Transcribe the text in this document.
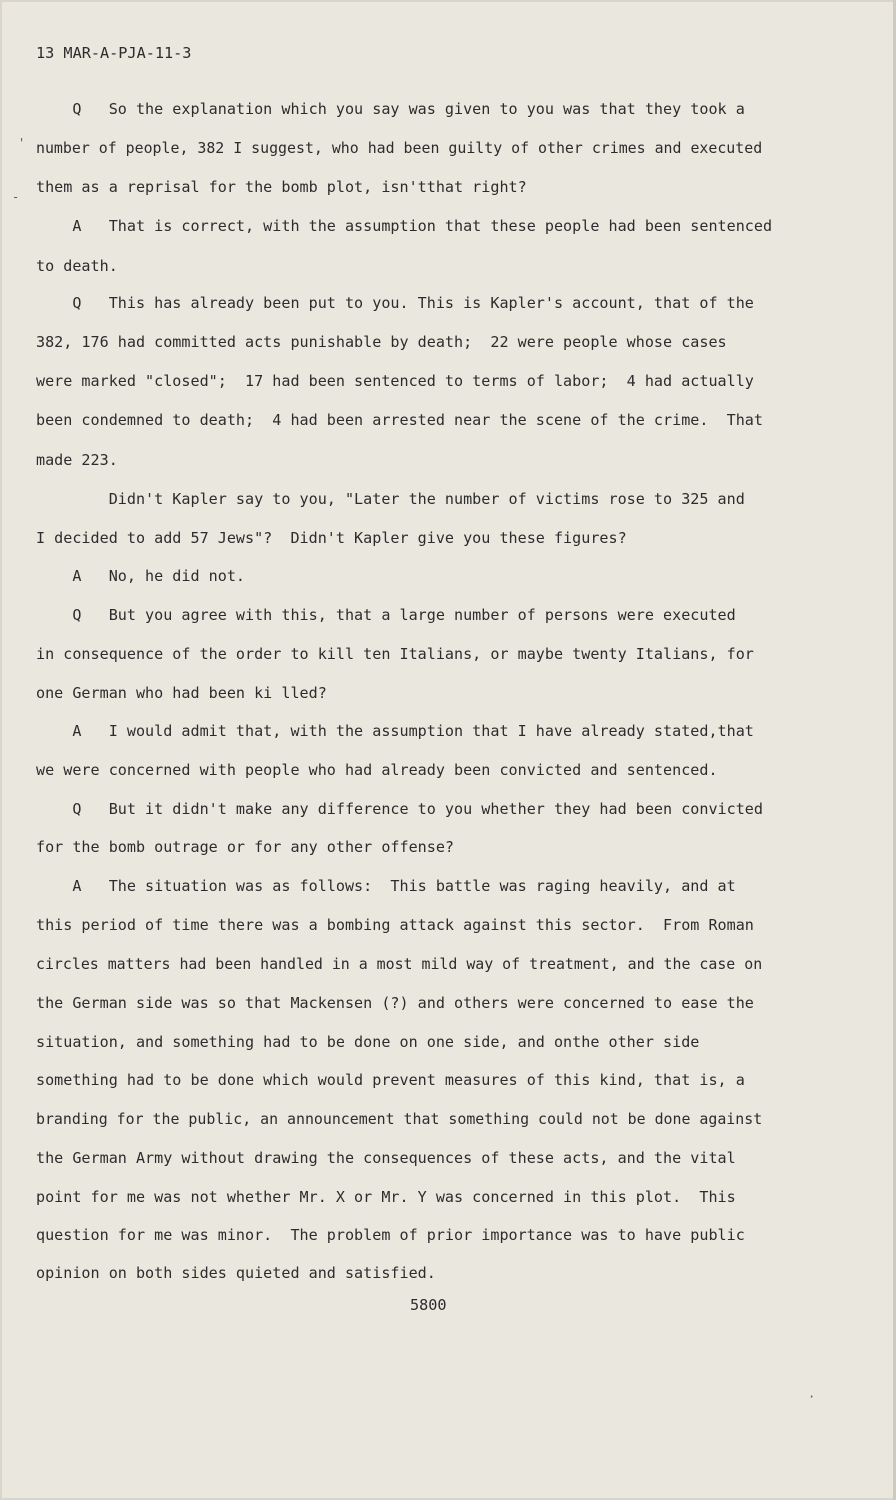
13 MAR-A-PJA-11-3
Q   So the explanation which you say was given to you was that they took a
number of people, 382 I suggest, who had been guilty of other crimes and executed
them as a reprisal for the bomb plot, isn'tthat right?
A   That is correct, with the assumption that these people had been sentenced
to death.
Q   This has already been put to you. This is Kapler's account, that of the
382, 176 had committed acts punishable by death;  22 were people whose cases
were marked "closed";  17 had been sentenced to terms of labor;  4 had actually
been condemned to death;  4 had been arrested near the scene of the crime.  That
made 223.
Didn't Kapler say to you, "Later the number of victims rose to 325 and
I decided to add 57 Jews"?  Didn't Kapler give you these figures?
A   No, he did not.
Q   But you agree with this, that a large number of persons were executed
in consequence of the order to kill ten Italians, or maybe twenty Italians, for
one German who had been ki lled?
A   I would admit that, with the assumption that I have already stated,that
we were concerned with people who had already been convicted and sentenced.
Q   But it didn't make any difference to you whether they had been convicted
for the bomb outrage or for any other offense?
A   The situation was as follows:  This battle was raging heavily, and at
this period of time there was a bombing attack against this sector.  From Roman
circles matters had been handled in a most mild way of treatment, and the case on
the German side was so that Mackensen (?) and others were concerned to ease the
situation, and something had to be done on one side, and onthe other side
something had to be done which would prevent measures of this kind, that is, a
branding for the public, an announcement that something could not be done against
the German Army without drawing the consequences of these acts, and the vital
point for me was not whether Mr. X or Mr. Y was concerned in this plot.  This
question for me was minor.  The problem of prior importance was to have public
opinion on both sides quieted and satisfied.
5800
'
-
·
